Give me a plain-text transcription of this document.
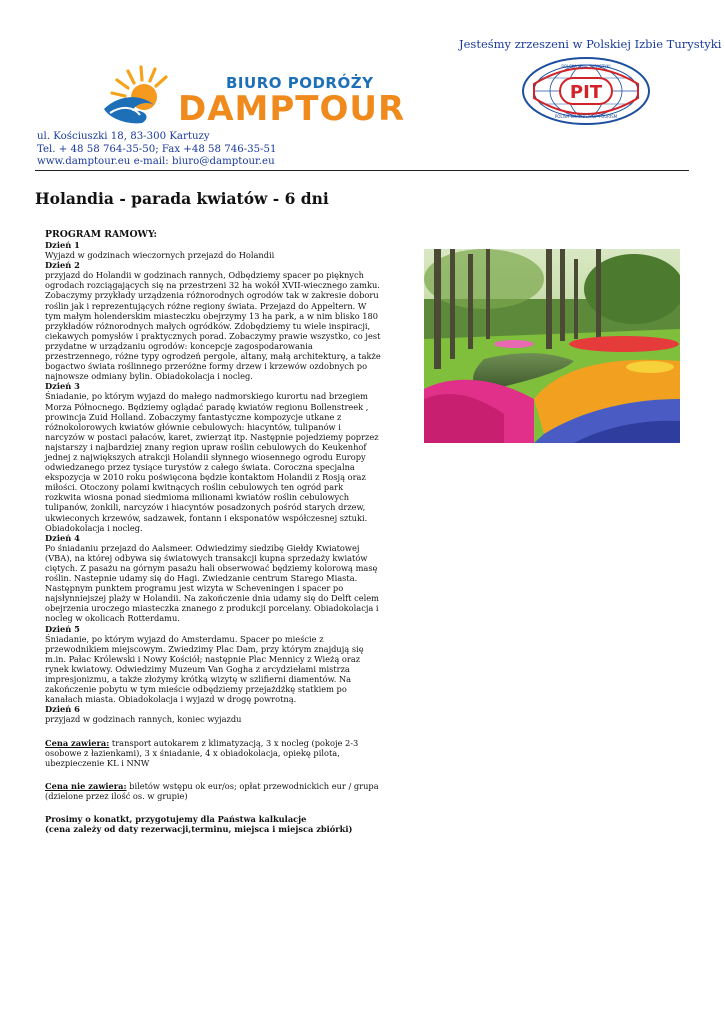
Jesteśmy zrzeszeni w Polskiej Izbie Turystyki
BIURO PODRÓŻY
DAMPTOUR	PIT
POLSKA IZBA TURYSTYKI
POLISH CHAMBER OF TOURISM
ul. Kościuszki 18, 83-300 Kartuzy
Tel. + 48 58 764-35-50; Fax +48 58 746-35-51
www.damptour.eu e-mail: biuro@damptour.eu
Holandia - parada kwiatów - 6 dni

PROGRAM RAMOWY:

Dzień 1

Wyjazd w godzinach wieczornych przejazd do Holandii

Dzień 2

przyjazd do Holandii w godzinach rannych, Odbędziemy spacer po pięknych ogrodach rozciągających się na przestrzeni 32 ha wokół XVII-wiecznego zamku. Zobaczymy przykłady urządzenia różnorodnych ogrodów tak w zakresie doboru roślin jak i reprezentujących różne regiony świata. Przejazd do Appeltern. W tym małym holenderskim miasteczku obejrzymy 13 ha park, a w nim blisko 180 przykładów różnorodnych małych ogródków. Zdobędziemy tu wiele inspiracji, ciekawych pomysłów i praktycznych porad. Zobaczymy prawie wszystko, co jest przydatne w urządzaniu ogrodów: koncepcje zagospodarowania przestrzennego, różne typy ogrodzeń pergole, altany, małą architekturę, a także bogactwo świata roślinnego przeróżne formy drzew i krzewów ozdobnych po najnowsze odmiany bylin. Obiadokolacja i nocleg.

Dzień 3

Śniadanie, po którym wyjazd do małego nadmorskiego kurortu nad brzegiem Morza Północnego. Będziemy oglądać paradę kwiatów regionu Bollenstreek , prowincja Zuid Holland. Zobaczymy fantastyczne kompozycje utkane z różnokolorowych kwiatów głównie cebulowych: hiacyntów, tulipanów i narcyzów w postaci pałaców, karet, zwierząt itp. Następnie pojedziemy poprzez najstarszy i najbardziej znany region upraw roślin cebulowych do Keukenhof jednej z największych atrakcji Holandii słynnego wiosennego ogrodu Europy odwiedzanego przez tysiące turystów z całego świata. Coroczna specjalna ekspozycja w 2010 roku poświęcona będzie kontaktom Holandii z Rosją oraz miłości. Otoczony polami kwitnących roślin cebulowych ten ogród park rozkwita wiosna ponad siedmioma milionami kwiatów roślin cebulowych tulipanów, żonkili, narcyzów i hiacyntów posadzonych pośród starych drzew, ukwieconych krzewów, sadzawek, fontann i eksponatów współczesnej sztuki. Obiadokolacja i nocleg.

Dzień 4

Po śniadaniu przejazd do Aalsmeer. Odwiedzimy siedzibę Giełdy Kwiatowej (VBA), na której odbywa się światowych transakcji kupna sprzedaży kwiatów ciętych. Z pasażu na górnym pasażu hali obserwować będziemy kolorową masę roślin. Nastepnie udamy się do Hagi. Zwiedzanie centrum Starego Miasta. Następnym punktem programu jest wizyta w Scheveningen i spacer po najsłynniejszej plaży w Holandii. Na zakończenie dnia udamy się do Delft celem obejrzenia uroczego miasteczka znanego z produkcji porcelany. Obiadokolacja i nocleg w okolicach Rotterdamu.

Dzień 5

Śniadanie, po którym wyjazd do Amsterdamu. Spacer po mieście z przewodnikiem miejscowym. Zwiedzimy Plac Dam, przy którym znajdują się m.in. Pałac Królewski i Nowy Kościół; następnie Plac Mennicy z Wieżą oraz rynek kwiatowy. Odwiedzimy Muzeum Van Gogha z arcydziełami mistrza impresjonizmu, a także złożymy krótką wizytę w szlifierni diamentów. Na zakończenie pobytu w tym mieście odbędziemy przejażdżkę statkiem po kanałach miasta. Obiadokolacja i wyjazd w drogę powrotną.

Dzień 6

przyjazd w godzinach rannych, koniec wyjazdu

Cena zawiera: transport autokarem z klimatyzacją, 3 x nocleg (pokoje 2-3 osobowe z łazienkami), 3 x śniadanie, 4 x obiadokolacja, opiekę pilota, ubezpieczenie KL i NNW

Cena nie zawiera: biletów wstępu ok eur/os; opłat przewodnickich eur / grupa (dzielone przez ilość os. w grupie)

Prosimy o konatkt, przygotujemy dla Państwa kalkulacje
(cena zależy od daty rezerwacji,terminu, miejsca i miejsca zbiórki)
